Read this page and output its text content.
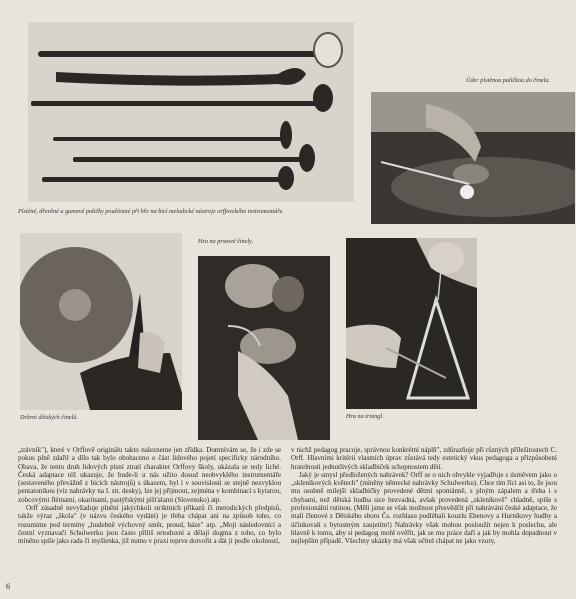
Plstěné, dřevěné a gumové paličky používané při hře na bicí melodické nástroje orffovského instrumentáře.
Úder plstěnou paličkou do činelu.
Držení dětských činelů.
Hra na prstové činely.
Hra na triangl.

„trávník"), které v Orffově originálu takto nalezneme jen zřídka. Domnívám se, že i zde se pokus plně zdařil a dílo tak bylo obohaceno o část lidového pojetí specificky národního. Obava, že tento druh lidových písní ztratí charakter Orffovy školy, ukázala se tedy liché. Česká adaptace též ukazuje, že bude-li u nás užito dosud neobvyklého instrumentáře (sestaveného převážně z bicích nástrojů) s úkazem, byl i v souvislosti se stejně nezvyklou pentatonikou (viz nahrávky na I. str. desky), lze jej přijmout, zejména v kombinaci s kytarou, zobcovými flétnami, okarínami, pastýřskými píšťalami (Slovensko) atp.

Orff zásadně nevyžaduje plnění jakýchkoli striktních příkazů či metodických předpisů, takže výraz „škola" (v názvu českého vydání) je třeba chápat ani na způsob toho, co rozumíme pod termíny „hudebně výchovný směr, proud, báze" atp. „Moji následovníci a čestní vyznavači Schulwerku jsou často příliš ortodoxní a dělají dogma z toho, co bylo míněno spíše jako rada či myšlenka, již nutno v praxi teprve dotvořit a dát ji podle okolností,

v nichž pedagog pracuje, správnou konkrétní náplň", zdůrazňuje při různých příležitostech C. Orff. Hlavními kritérii vlastních úprav zůstává tedy estetický vkus pedagoga a přizpůsobení hratelnosti jednotlivých skladbiček schopnostem dětí.

Jaký je smysl předložených nahrávek? Orff se o nich obvykle vyjadřuje s úsměvem jako o „skleníkových květech" (míněny německé nahrávky Schulwerku). Chce tím říci asi to, že jsou mu osobně milejší skladbičky provedené dětmi spontánně, s plným zápalem a třeba i s chybami, než dětská hudba sice bezvadná, avšak provedená „skleníkově" chladně, spíše s profesionální rutinou. (Měli jsme se však možnost přesvědčit při nahrávání české adaptace, že malí členové z Dětského sboru Čs. rozhlasu podléhali kouzlu Ebenovy a Hurníkovy hudby a účinkovali s bytostným zaujetím!) Nahrávky však mohou posloužit nejen k poslechu, ale hlavně k tomu, aby si pedagog mohl ověřit, jak se mu práce daří a jak by mohla dopadnout v nejlepším případě. Všechny ukázky má však učitel chápat ne jako vzory,

6
